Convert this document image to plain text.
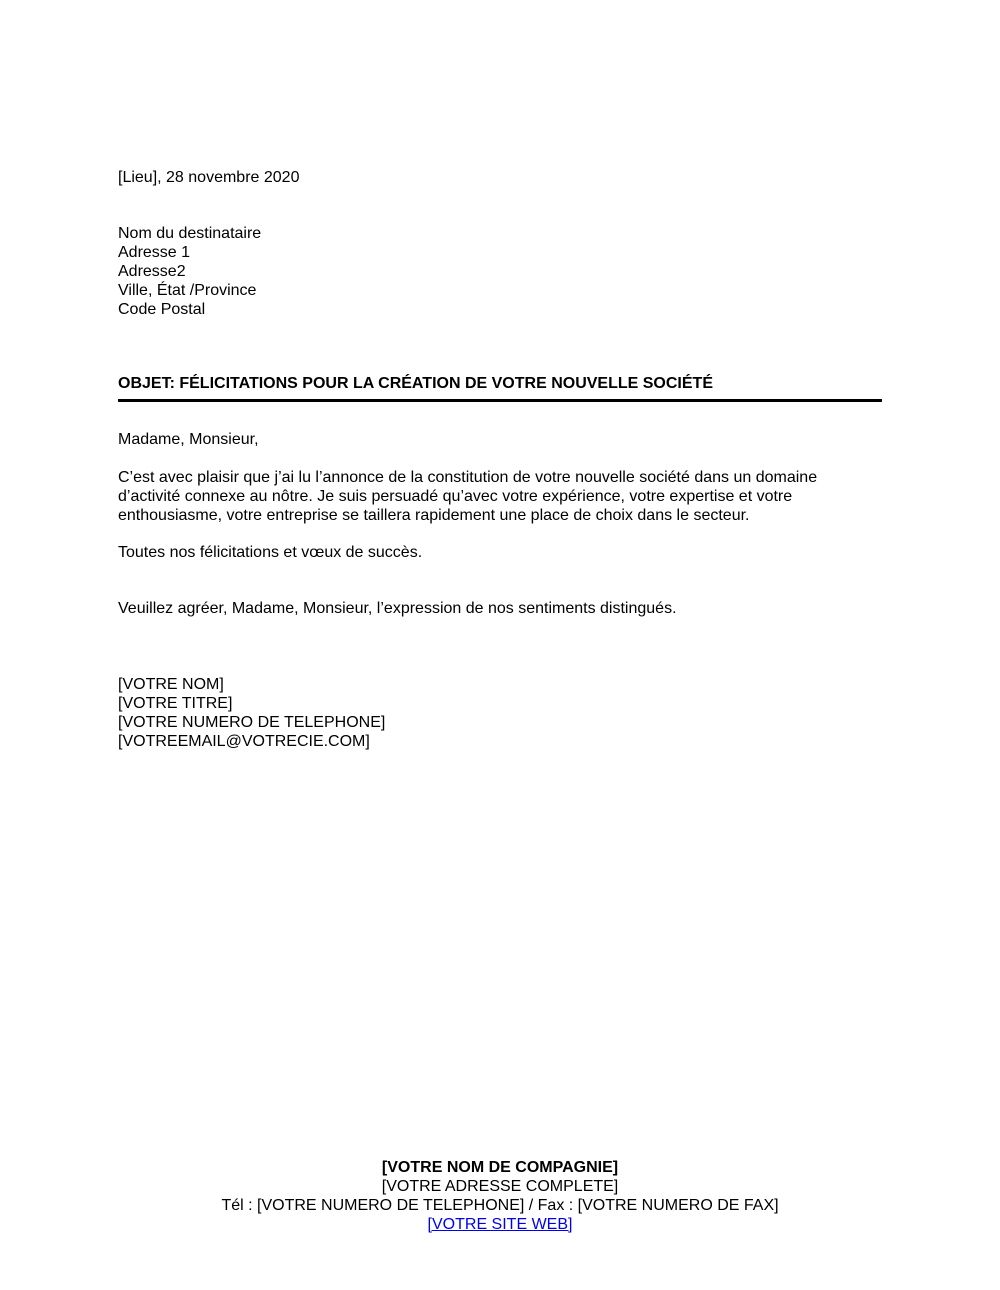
[Lieu], 28 novembre 2020
Nom du destinataire
Adresse 1
Adresse2
Ville, État /Province
Code Postal
OBJET: FÉLICITATIONS POUR LA CRÉATION DE VOTRE NOUVELLE SOCIÉTÉ
Madame, Monsieur,
C’est avec plaisir que j’ai lu l’annonce de la constitution de votre nouvelle société dans un domaine
d’activité connexe au nôtre. Je suis persuadé qu’avec votre expérience, votre expertise et votre
enthousiasme, votre entreprise se taillera rapidement une place de choix dans le secteur.
Toutes nos félicitations et vœux de succès.
Veuillez agréer, Madame, Monsieur, l’expression de nos sentiments distingués.
[VOTRE NOM]
[VOTRE TITRE]
[VOTRE NUMERO DE TELEPHONE]
[VOTREEMAIL@VOTRECIE.COM]
[VOTRE NOM DE COMPAGNIE]
[VOTRE ADRESSE COMPLETE]
Tél : [VOTRE NUMERO DE TELEPHONE] / Fax : [VOTRE NUMERO DE FAX]
[VOTRE SITE WEB]
